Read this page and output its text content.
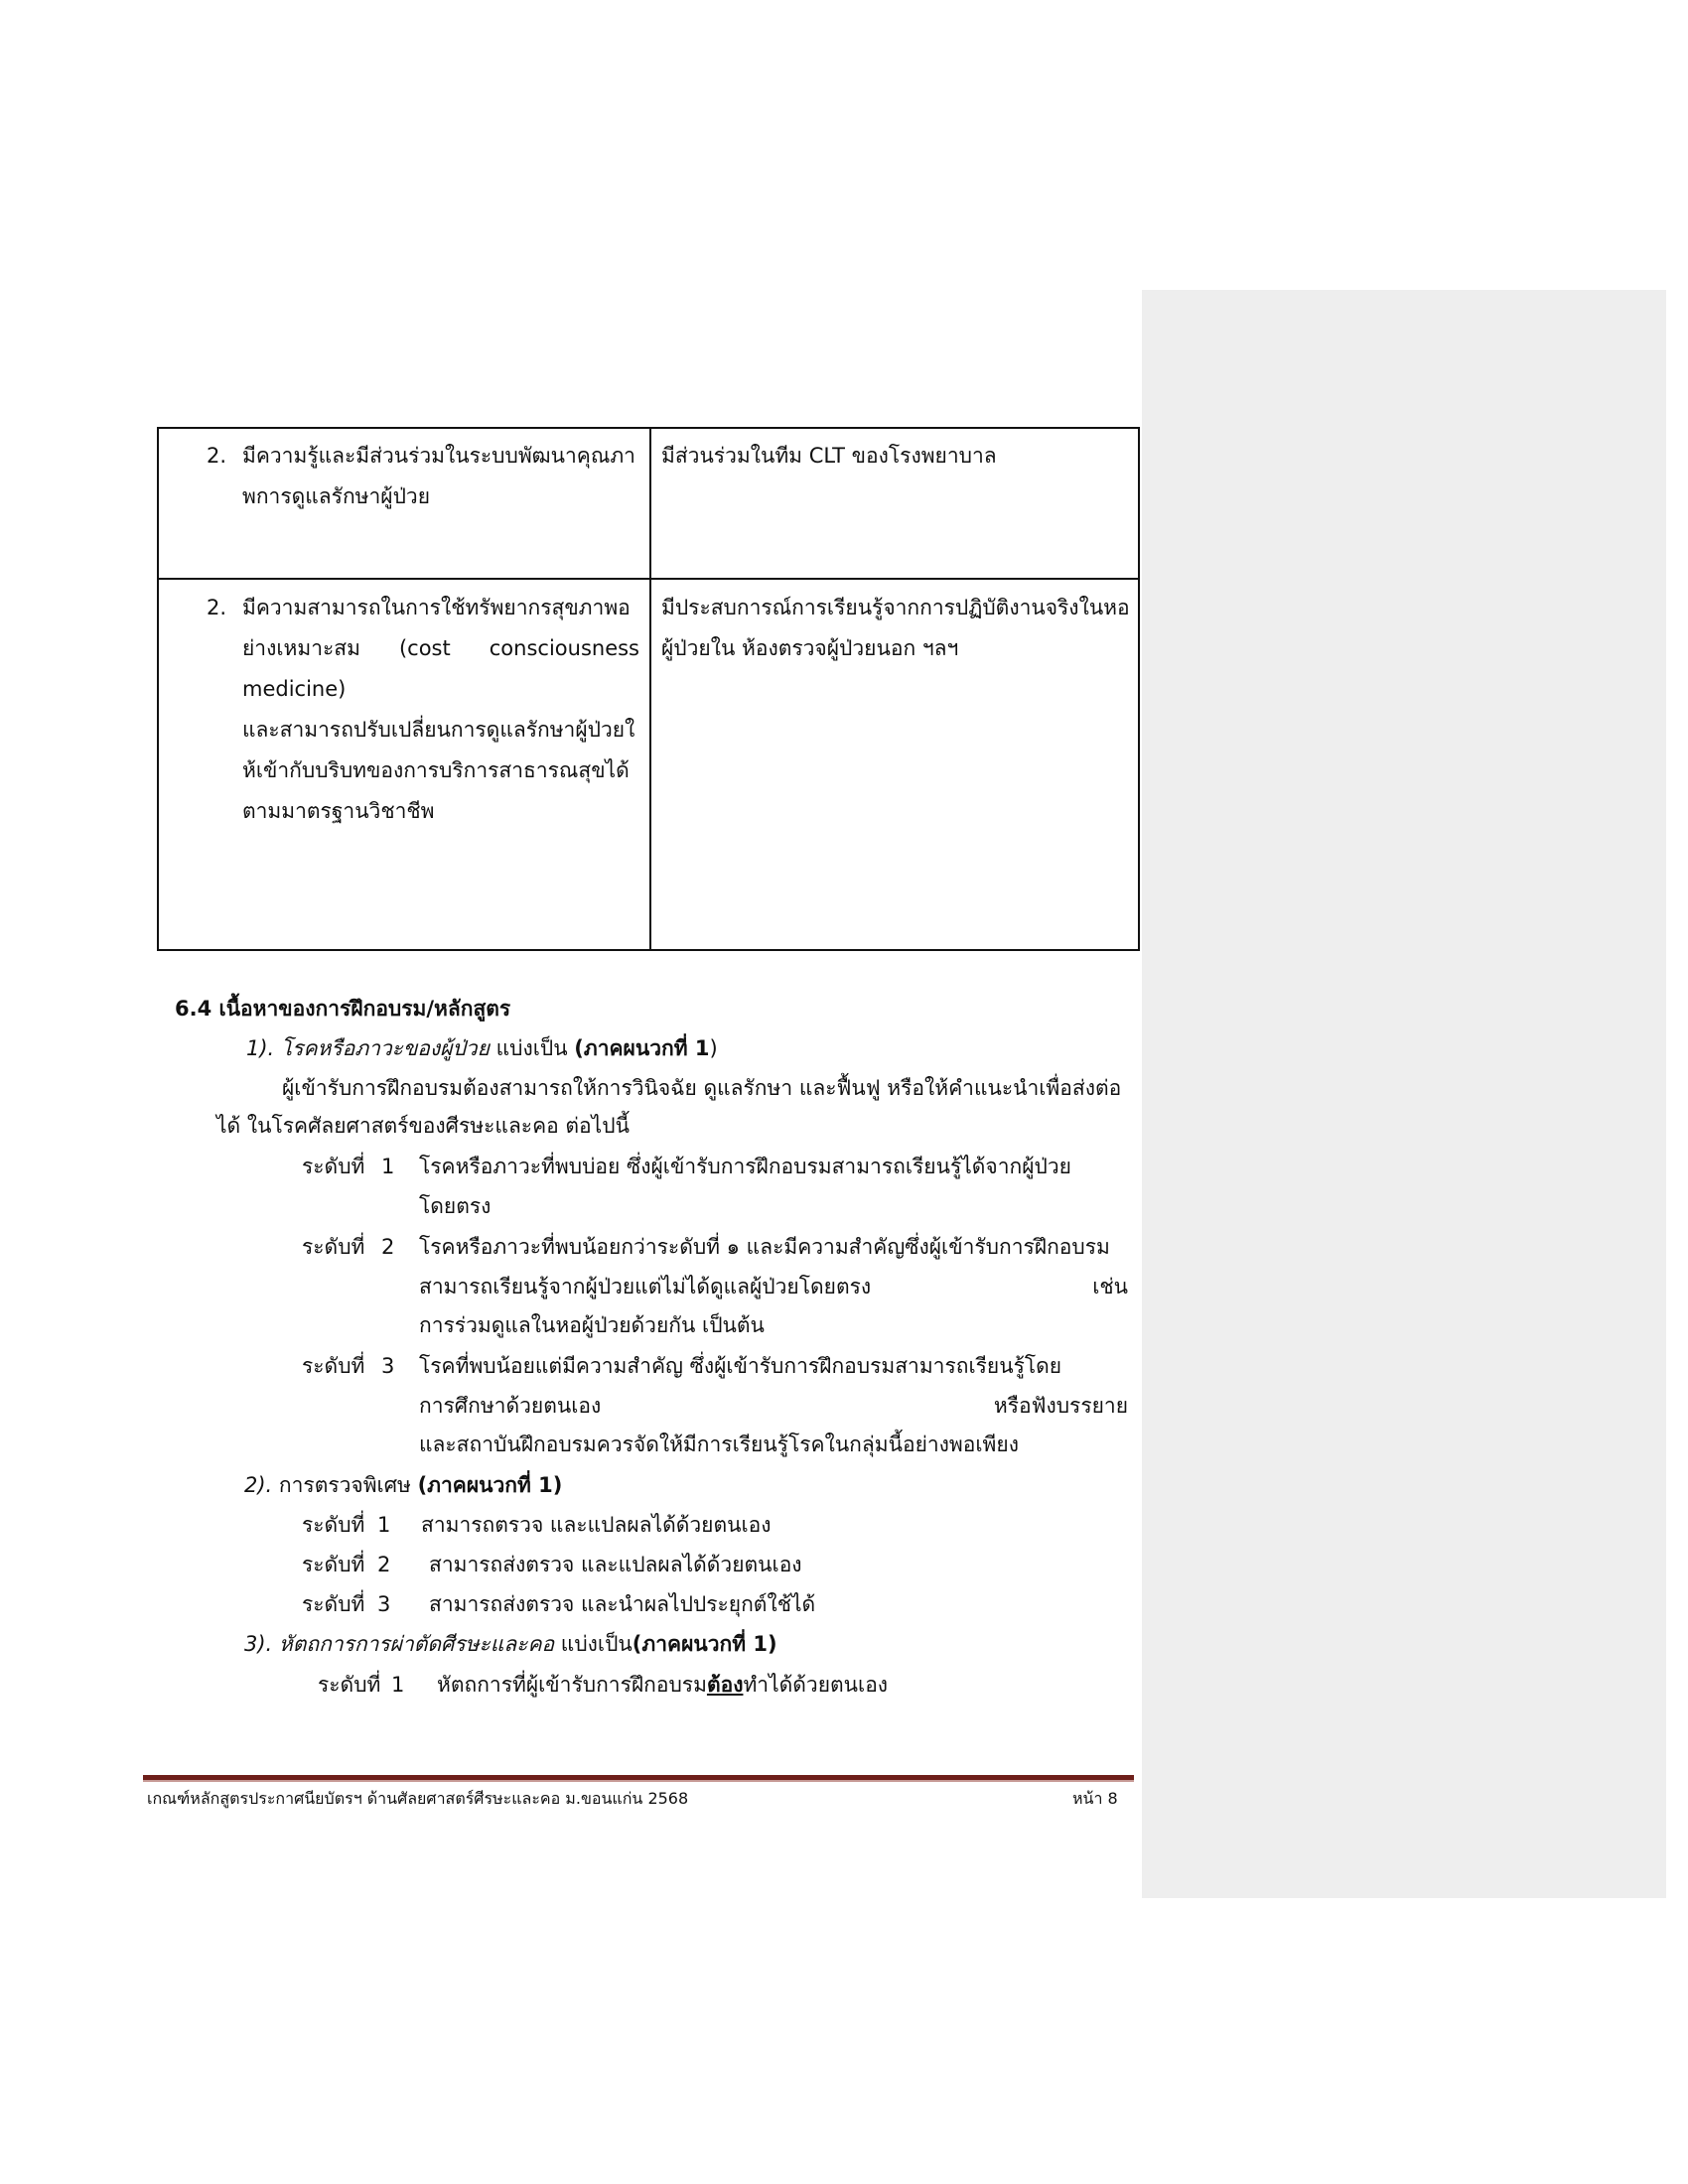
2. มีความรู้และมีส่วนร่วมในระบบพัฒนาคุณภา
พการดูแลรักษาผู้ป่วย
มีส่วนร่วมในทีม CLT ของโรงพยาบาล
2. มีความสามารถในการใช้ทรัพยากรสุขภาพอ
ย่างเหมาะสม (cost consciousness
medicine)
และสามารถปรับเปลี่ยนการดูแลรักษาผู้ป่วยใ
ห้เข้ากับบริบทของการบริการสาธารณสุขได้
ตามมาตรฐานวิชาชีพ
มีประสบการณ์การเรียนรู้จากการปฏิบัติงานจริงในหอ
ผู้ป่วยใน ห้องตรวจผู้ป่วยนอก ฯลฯ
6.4 เนื้อหาของการฝึกอบรม/หลักสูตร
1). โรคหรือภาวะของผู้ป่วย แบ่งเป็น (ภาคผนวกที่ 1)
ผู้เข้ารับการฝึกอบรมต้องสามารถให้การวินิจฉัย ดูแลรักษา และฟื้นฟู หรือให้คำแนะนำเพื่อส่งต่อ
ได้ ในโรคศัลยศาสตร์ของศีรษะและคอ ต่อไปนี้
ระดับที่ 1 โรคหรือภาวะที่พบบ่อย ซึ่งผู้เข้ารับการฝึกอบรมสามารถเรียนรู้ได้จากผู้ป่วย
โดยตรง
ระดับที่ 2 โรคหรือภาวะที่พบน้อยกว่าระดับที่ ๑ และมีความสำคัญซึ่งผู้เข้ารับการฝึกอบรม
สามารถเรียนรู้จากผู้ป่วยแต่ไม่ได้ดูแลผู้ป่วยโดยตรง เช่น
การร่วมดูแลในหอผู้ป่วยด้วยกัน เป็นต้น
ระดับที่ 3 โรคที่พบน้อยแต่มีความสำคัญ ซึ่งผู้เข้ารับการฝึกอบรมสามารถเรียนรู้โดย
การศึกษาด้วยตนเอง หรือฟังบรรยาย
และสถาบันฝึกอบรมควรจัดให้มีการเรียนรู้โรคในกลุ่มนี้อย่างพอเพียง
2). การตรวจพิเศษ (ภาคผนวกที่ 1)
ระดับที่ 1 สามารถตรวจ และแปลผลได้ด้วยตนเอง
ระดับที่ 2 สามารถส่งตรวจ และแปลผลได้ด้วยตนเอง
ระดับที่ 3 สามารถส่งตรวจ และนำผลไปประยุกต์ใช้ได้
3). หัตถการการผ่าตัดศีรษะและคอ แบ่งเป็น(ภาคผนวกที่ 1)
ระดับที่ 1 หัตถการที่ผู้เข้ารับการฝึกอบรมต้องทำได้ด้วยตนเอง
เกณฑ์หลักสูตรประกาศนียบัตรฯ ด้านศัลยศาสตร์ศีรษะและคอ ม.ขอนแก่น 2568	หน้า 8
